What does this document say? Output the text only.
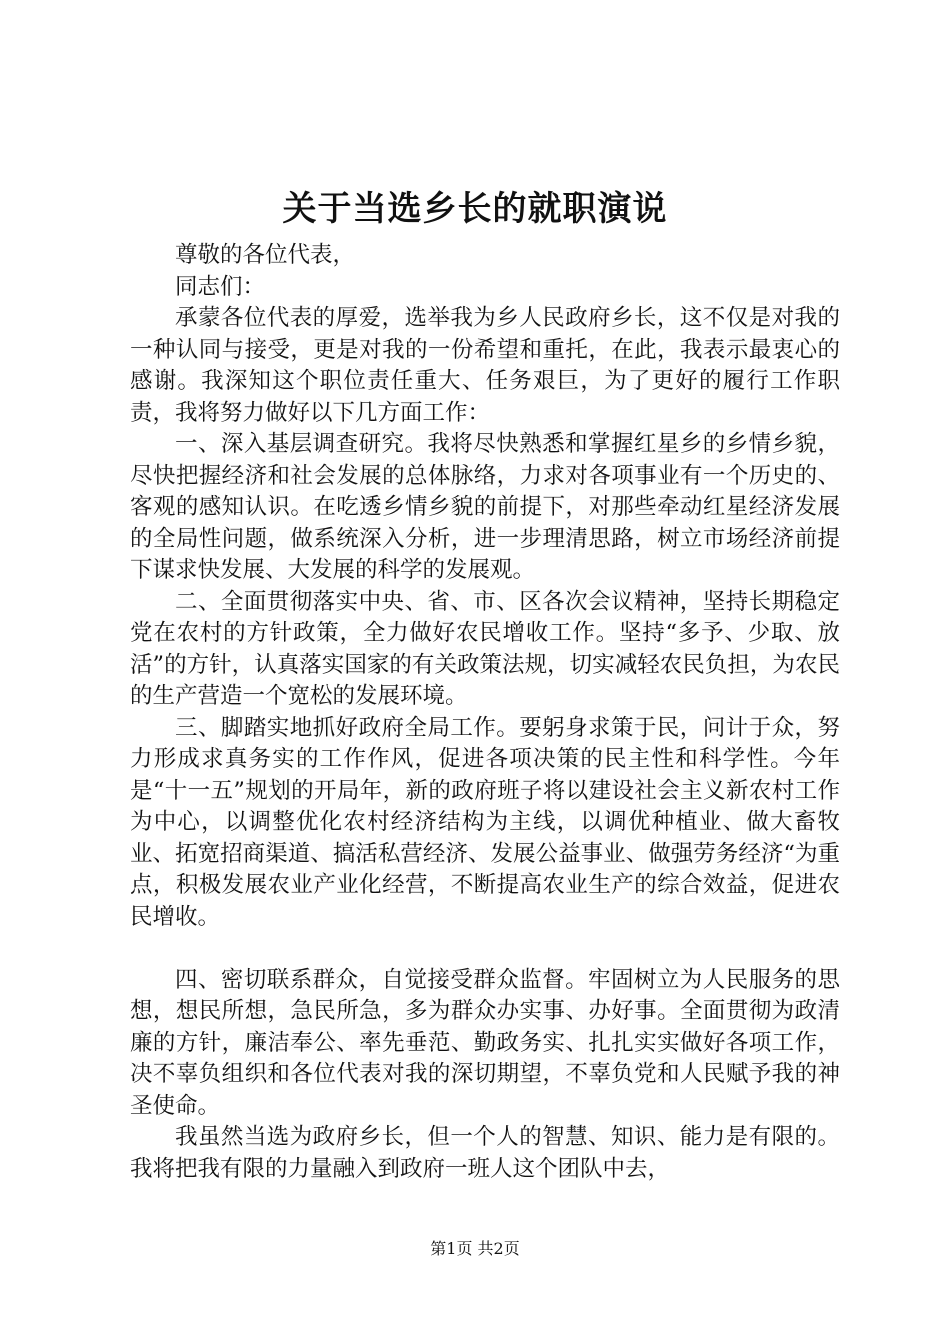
关于当选乡长的就职演说

尊敬的各位代表，

同志们：

承蒙各位代表的厚爱，选举我为乡人民政府乡长，这不仅是对我的一种认同与接受，更是对我的一份希望和重托，在此，我表示最衷心的感谢。我深知这个职位责任重大、任务艰巨，为了更好的履行工作职责，我将努力做好以下几方面工作：

一、深入基层调查研究。我将尽快熟悉和掌握红星乡的乡情乡貌，尽快把握经济和社会发展的总体脉络，力求对各项事业有一个历史的、客观的感知认识。在吃透乡情乡貌的前提下，对那些牵动红星经济发展的全局性问题，做系统深入分析，进一步理清思路，树立市场经济前提下谋求快发展、大发展的科学的发展观。

二、全面贯彻落实中央、省、市、区各次会议精神，坚持长期稳定党在农村的方针政策，全力做好农民增收工作。坚持“多予、少取、放活”的方针，认真落实国家的有关政策法规，切实减轻农民负担，为农民的生产营造一个宽松的发展环境。

三、脚踏实地抓好政府全局工作。要躬身求策于民，问计于众，努力形成求真务实的工作作风，促进各项决策的民主性和科学性。今年是“十一五”规划的开局年，新的政府班子将以建设社会主义新农村工作为中心，以调整优化农村经济结构为主线，以调优种植业、做大畜牧业、拓宽招商渠道、搞活私营经济、发展公益事业、做强劳务经济“为重点，积极发展农业产业化经营，不断提高农业生产的综合效益，促进农民增收。

四、密切联系群众，自觉接受群众监督。牢固树立为人民服务的思想，想民所想，急民所急，多为群众办实事、办好事。全面贯彻为政清廉的方针，廉洁奉公、率先垂范、勤政务实、扎扎实实做好各项工作，决不辜负组织和各位代表对我的深切期望，不辜负党和人民赋予我的神圣使命。

我虽然当选为政府乡长，但一个人的智慧、知识、能力是有限的。我将把我有限的力量融入到政府一班人这个团队中去，

第1页 共2页
